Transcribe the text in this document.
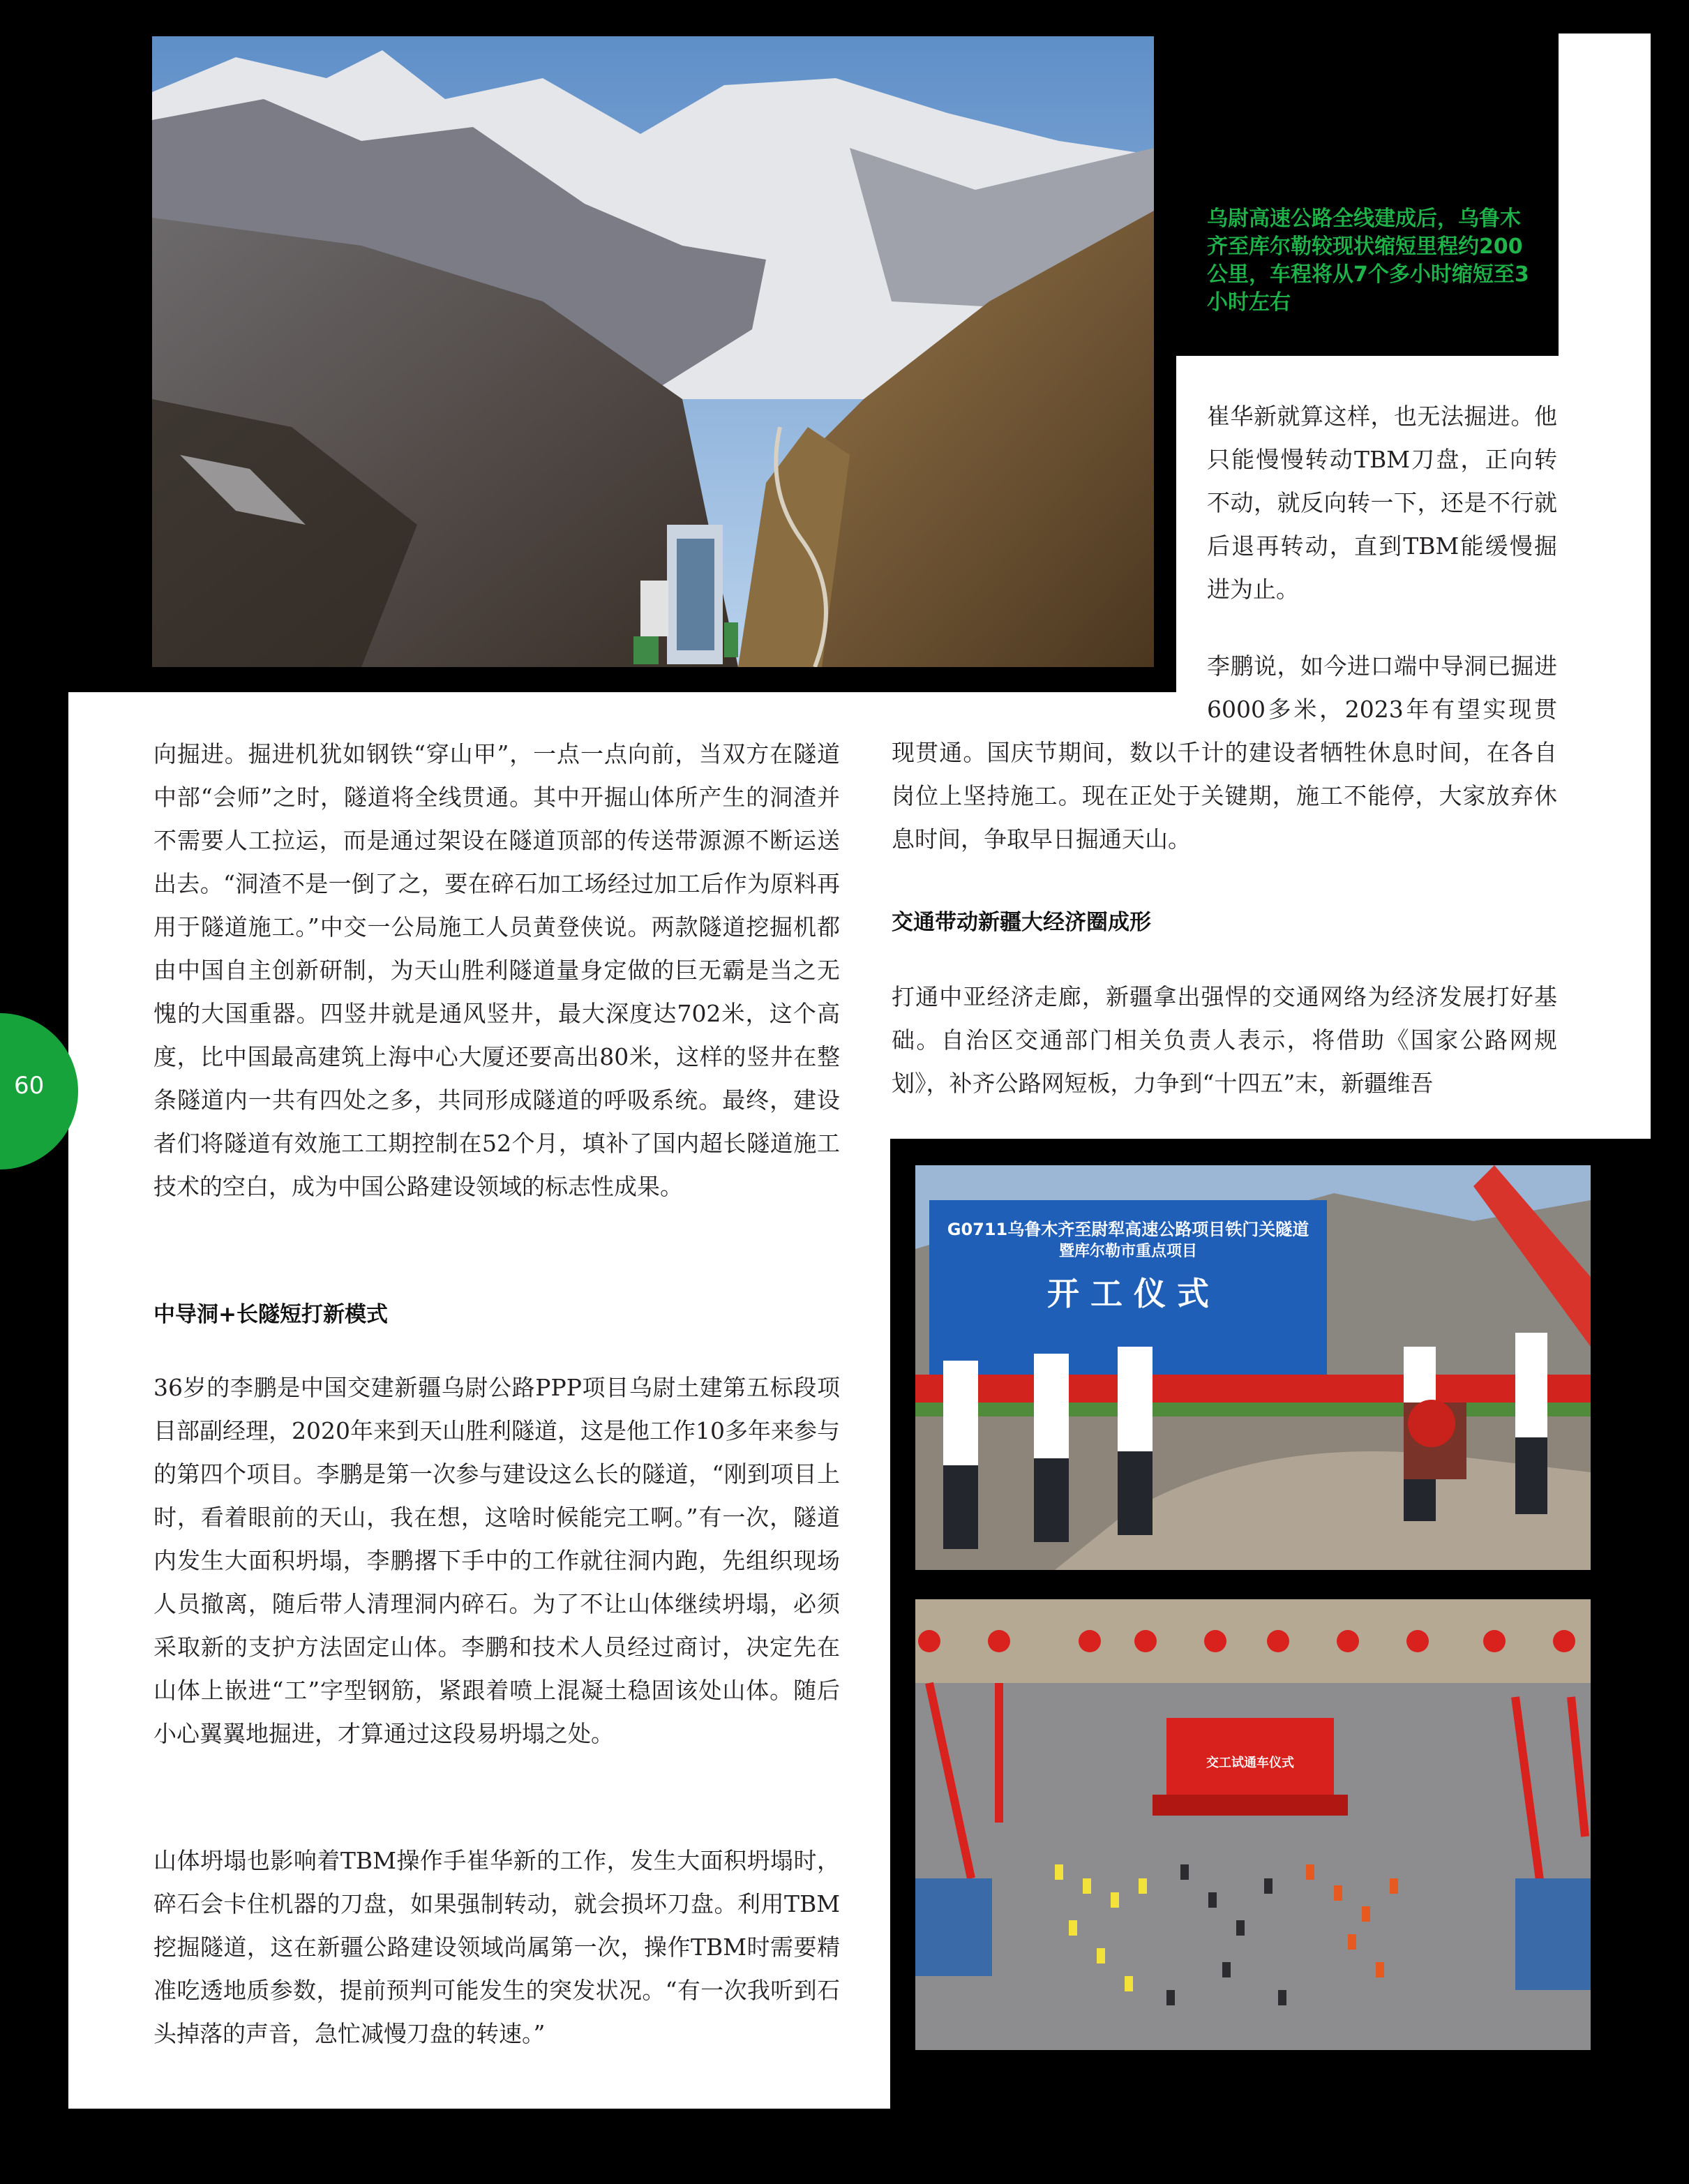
乌尉高速公路全线建成后，乌鲁木齐至库尔勒较现状缩短里程约200公里，车程将从7个多小时缩短至3小时左右

崔华新就算这样，也无法掘进。他只能慢慢转动TBM刀盘，正向转不动，就反向转一下，还是不行就后退再转动，直到TBM能缓慢掘进为止。

李鹏说，如今进口端中导洞已掘进6000多米，2023年有望实现贯

现贯通。国庆节期间，数以千计的建设者牺牲休息时间，在各自岗位上坚持施工。现在正处于关键期，施工不能停，大家放弃休息时间，争取早日掘通天山。

交通带动新疆大经济圈成形

打通中亚经济走廊，新疆拿出强悍的交通网络为经济发展打好基础。自治区交通部门相关负责人表示，将借助《国家公路网规划》，补齐公路网短板，力争到“十四五”末，新疆维吾

向掘进。掘进机犹如钢铁“穿山甲”，一点一点向前，当双方在隧道中部“会师”之时，隧道将全线贯通。其中开掘山体所产生的洞渣并不需要人工拉运，而是通过架设在隧道顶部的传送带源源不断运送出去。“洞渣不是一倒了之，要在碎石加工场经过加工后作为原料再用于隧道施工。”中交一公局施工人员黄登侠说。两款隧道挖掘机都由中国自主创新研制，为天山胜利隧道量身定做的巨无霸是当之无愧的大国重器。四竖井就是通风竖井，最大深度达702米，这个高度，比中国最高建筑上海中心大厦还要高出80米，这样的竖井在整条隧道内一共有四处之多，共同形成隧道的呼吸系统。最终，建设者们将隧道有效施工工期控制在52个月，填补了国内超长隧道施工技术的空白，成为中国公路建设领域的标志性成果。

中导洞+长隧短打新模式

36岁的李鹏是中国交建新疆乌尉公路PPP项目乌尉土建第五标段项目部副经理，2020年来到天山胜利隧道，这是他工作10多年来参与的第四个项目。李鹏是第一次参与建设这么长的隧道，“刚到项目上时，看着眼前的天山，我在想，这啥时候能完工啊。”有一次，隧道内发生大面积坍塌，李鹏撂下手中的工作就往洞内跑，先组织现场人员撤离，随后带人清理洞内碎石。为了不让山体继续坍塌，必须采取新的支护方法固定山体。李鹏和技术人员经过商讨，决定先在山体上嵌进“工”字型钢筋，紧跟着喷上混凝土稳固该处山体。随后小心翼翼地掘进，才算通过这段易坍塌之处。

山体坍塌也影响着TBM操作手崔华新的工作，发生大面积坍塌时，碎石会卡住机器的刀盘，如果强制转动，就会损坏刀盘。利用TBM挖掘隧道，这在新疆公路建设领域尚属第一次，操作TBM时需要精准吃透地质参数，提前预判可能发生的突发状况。“有一次我听到石头掉落的声音，急忙减慢刀盘的转速。”

60
G0711乌鲁木齐至尉犁高速公路项目铁门关隧道
暨库尔勒市重点项目
开 工 仪 式
交工试通车仪式
